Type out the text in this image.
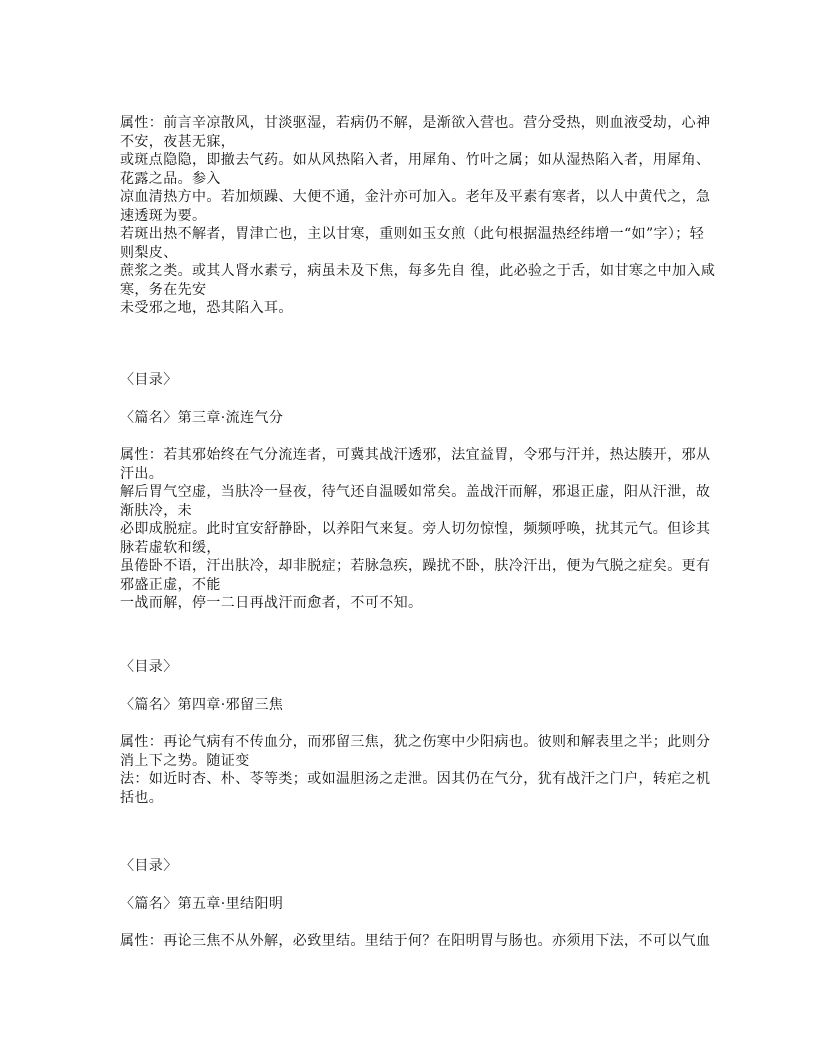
属性：前言辛凉散风，甘淡驱湿，若病仍不解，是渐欲入营也。营分受热，则血液受劫，心神
不安，夜甚无寐，
或斑点隐隐，即撤去气药。如从风热陷入者，用犀角、竹叶之属；如从湿热陷入者，用犀角、
花露之品。参入
凉血清热方中。若加烦躁、大便不通，金汁亦可加入。老年及平素有寒者，以人中黄代之，急
速透斑为要。
若斑出热不解者，胃津亡也，主以甘寒，重则如玉女煎（此句根据温热经纬增一“如”字）；轻
则梨皮、
蔗浆之类。或其人肾水素亏，病虽未及下焦，每多先自 徨，此必验之于舌，如甘寒之中加入咸
寒，务在先安
未受邪之地，恐其陷入耳。
〈目录〉
〈篇名〉第三章·流连气分
属性：若其邪始终在气分流连者，可冀其战汗透邪，法宜益胃，令邪与汗并，热达腠开，邪从
汗出。
解后胃气空虚，当肤冷一昼夜，待气还自温暖如常矣。盖战汗而解，邪退正虚，阳从汗泄，故
渐肤冷，未
必即成脱症。此时宜安舒静卧，以养阳气来复。旁人切勿惊惶，频频呼唤，扰其元气。但诊其
脉若虚软和缓，
虽倦卧不语，汗出肤冷，却非脱症；若脉急疾，躁扰不卧，肤冷汗出，便为气脱之症矣。更有
邪盛正虚，不能
一战而解，停一二日再战汗而愈者，不可不知。
〈目录〉
〈篇名〉第四章·邪留三焦
属性：再论气病有不传血分，而邪留三焦，犹之伤寒中少阳病也。彼则和解表里之半；此则分
消上下之势。随证变
法：如近时杏、朴、苓等类；或如温胆汤之走泄。因其仍在气分，犹有战汗之门户，转疟之机
括也。
〈目录〉
〈篇名〉第五章·里结阳明
属性：再论三焦不从外解，必致里结。里结于何？在阳明胃与肠也。亦须用下法，不可以气血
